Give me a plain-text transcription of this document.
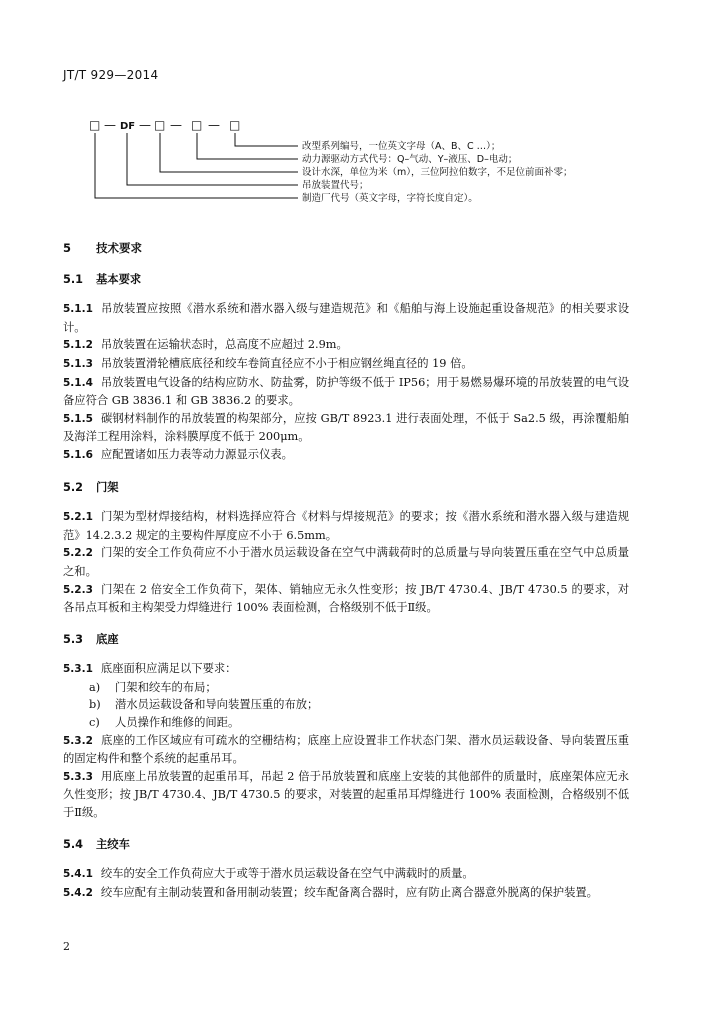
JT/T 929—2014
□ — DF — □ — □ — □
改型系列编号，一位英文字母（A、B、C …）；
动力源驱动方式代号：Q–气动、Y–液压、D–电动；
设计水深，单位为米（m），三位阿拉伯数字，不足位前面补零；
吊放装置代号；
制造厂代号（英文字母，字符长度自定）。
5 技术要求
5.1 基本要求

5.1.1 吊放装置应按照《潜水系统和潜水器入级与建造规范》和《船舶与海上设施起重设备规范》的相关要求设计。

5.1.2 吊放装置在运输状态时，总高度不应超过 2.9m。

5.1.3 吊放装置滑轮槽底底径和绞车卷筒直径应不小于相应钢丝绳直径的 19 倍。

5.1.4 吊放装置电气设备的结构应防水、防盐雾，防护等级不低于 IP56；用于易燃易爆环境的吊放装置的电气设备应符合 GB 3836.1 和 GB 3836.2 的要求。

5.1.5 碳钢材料制作的吊放装置的构架部分，应按 GB/T 8923.1 进行表面处理，不低于 Sa2.5 级，再涂覆船舶及海洋工程用涂料，涂料膜厚度不低于 200μm。

5.1.6 应配置诸如压力表等动力源显示仪表。

5.2 门架

5.2.1 门架为型材焊接结构，材料选择应符合《材料与焊接规范》的要求；按《潜水系统和潜水器入级与建造规范》14.2.3.2 规定的主要构件厚度应不小于 6.5mm。

5.2.2 门架的安全工作负荷应不小于潜水员运载设备在空气中满载荷时的总质量与导向装置压重在空气中总质量之和。

5.2.3 门架在 2 倍安全工作负荷下，架体、销轴应无永久性变形；按 JB/T 4730.4、JB/T 4730.5 的要求，对各吊点耳板和主构架受力焊缝进行 100% 表面检测，合格级别不低于Ⅱ级。

5.3 底座

5.3.1 底座面积应满足以下要求：

a) 门架和绞车的布局；

b) 潜水员运载设备和导向装置压重的布放；

c) 人员操作和维修的间距。

5.3.2 底座的工作区域应有可疏水的空栅结构；底座上应设置非工作状态门架、潜水员运载设备、导向装置压重的固定构件和整个系统的起重吊耳。

5.3.3 用底座上吊放装置的起重吊耳，吊起 2 倍于吊放装置和底座上安装的其他部件的质量时，底座架体应无永久性变形；按 JB/T 4730.4、JB/T 4730.5 的要求，对装置的起重吊耳焊缝进行 100% 表面检测，合格级别不低于Ⅱ级。

5.4 主绞车

5.4.1 绞车的安全工作负荷应大于或等于潜水员运载设备在空气中满载时的质量。

5.4.2 绞车应配有主制动装置和备用制动装置；绞车配备离合器时，应有防止离合器意外脱离的保护装置。

2
